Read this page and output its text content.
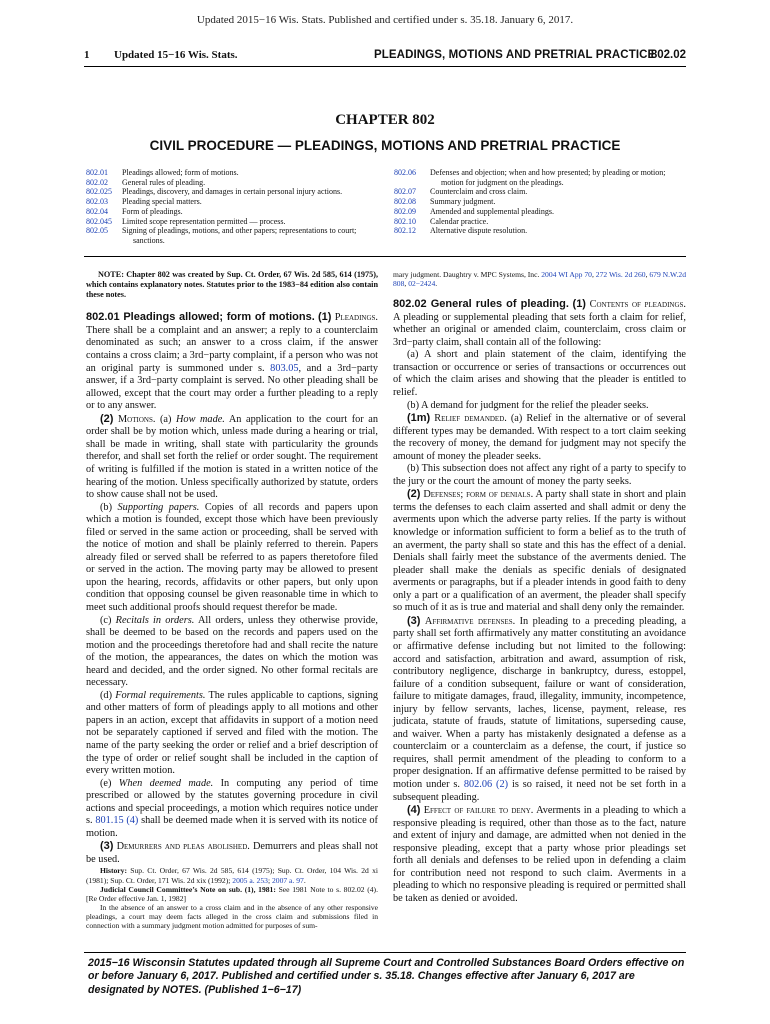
Updated 2015−16 Wis. Stats. Published and certified under s. 35.18. January 6, 2017.
1 Updated 15−16 Wis. Stats.	PLEADINGS, MOTIONS AND PRETRIAL PRACTICE
802.02
CHAPTER 802
CIVIL PROCEDURE — PLEADINGS, MOTIONS AND PRETRIAL PRACTICE
802.01	Pleadings allowed; form of motions.
802.02	General rules of pleading.
802.025	Pleadings, discovery, and damages in certain personal injury actions.
802.03	Pleading special matters.
802.04	Form of pleadings.
802.045	Limited scope representation permitted — process.
802.05	Signing of pleadings, motions, and other papers; representations to court;
sanctions.
802.06	Defenses and objection; when and how presented; by pleading or motion;
motion for judgment on the pleadings.
802.07	Counterclaim and cross claim.
802.08	Summary judgment.
802.09	Amended and supplemental pleadings.
802.10	Calendar practice.
802.12	Alternative dispute resolution.

NOTE: Chapter 802 was created by Sup. Ct. Order, 67 Wis. 2d 585, 614 (1975), which contains explanatory notes. Statutes prior to the 1983−84 edition also contain these notes.

802.01 Pleadings allowed; form of motions. (1) Pleadings. There shall be a complaint and an answer; a reply to a counterclaim denominated as such; an answer to a cross claim, if the answer contains a cross claim; a 3rd−party complaint, if a person who was not an original party is summoned under s. 803.05, and a 3rd−party answer, if a 3rd−party complaint is served. No other pleading shall be allowed, except that the court may order a further pleading to a reply or to any answer.

(2) Motions. (a) How made. An application to the court for an order shall be by motion which, unless made during a hearing or trial, shall be made in writing, shall state with particularity the grounds therefor, and shall set forth the relief or order sought. The requirement of writing is fulfilled if the motion is stated in a written notice of the hearing of the motion. Unless specifically authorized by statute, orders to show cause shall not be used.

(b) Supporting papers. Copies of all records and papers upon which a motion is founded, except those which have been previously filed or served in the same action or proceeding, shall be served with the notice of motion and shall be plainly referred to therein. Papers already filed or served shall be referred to as papers theretofore filed or served in the action. The moving party may be allowed to present upon the hearing, records, affidavits or other papers, but only upon condition that opposing counsel be given reasonable time in which to meet such additional proofs should request therefor be made.

(c) Recitals in orders. All orders, unless they otherwise provide, shall be deemed to be based on the records and papers used on the motion and the proceedings theretofore had and shall recite the nature of the motion, the appearances, the dates on which the motion was heard and decided, and the order signed. No other formal recitals are necessary.

(d) Formal requirements. The rules applicable to captions, signing and other matters of form of pleadings apply to all motions and other papers in an action, except that affidavits in support of a motion need not be separately captioned if served and filed with the motion. The name of the party seeking the order or relief and a brief description of the type of order or relief sought shall be included in the caption of every written motion.

(e) When deemed made. In computing any period of time prescribed or allowed by the statutes governing procedure in civil actions and special proceedings, a motion which requires notice under s. 801.15 (4) shall be deemed made when it is served with its notice of motion.

(3) Demurrers and pleas abolished. Demurrers and pleas shall not be used.

History: Sup. Ct. Order, 67 Wis. 2d 585, 614 (1975); Sup. Ct. Order, 104 Wis. 2d xi (1981); Sup. Ct. Order, 171 Wis. 2d xix (1992); 2005 a. 253; 2007 a. 97.

Judicial Council Committee’s Note on sub. (1), 1981: See 1981 Note to s. 802.02 (4). [Re Order effective Jan. 1, 1982]

In the absence of an answer to a cross claim and in the absence of any other responsive pleadings, a court may deem facts alleged in the cross claim and submissions filed in connection with a summary judgment motion admitted for purposes of sum-

mary judgment. Daughtry v. MPC Systems, Inc. 2004 WI App 70, 272 Wis. 2d 260, 679 N.W.2d 808, 02−2424.

802.02 General rules of pleading. (1) Contents of pleadings. A pleading or supplemental pleading that sets forth a claim for relief, whether an original or amended claim, counterclaim, cross claim or 3rd−party claim, shall contain all of the following:

(a) A short and plain statement of the claim, identifying the transaction or occurrence or series of transactions or occurrences out of which the claim arises and showing that the pleader is entitled to relief.

(b) A demand for judgment for the relief the pleader seeks.

(1m) Relief demanded. (a) Relief in the alternative or of several different types may be demanded. With respect to a tort claim seeking the recovery of money, the demand for judgment may not specify the amount of money the pleader seeks.

(b) This subsection does not affect any right of a party to specify to the jury or the court the amount of money the party seeks.

(2) Defenses; form of denials. A party shall state in short and plain terms the defenses to each claim asserted and shall admit or deny the averments upon which the adverse party relies. If the party is without knowledge or information sufficient to form a belief as to the truth of an averment, the party shall so state and this has the effect of a denial. Denials shall fairly meet the substance of the averments denied. The pleader shall make the denials as specific denials of designated averments or paragraphs, but if a pleader intends in good faith to deny only a part or a qualification of an averment, the pleader shall specify so much of it as is true and material and shall deny only the remainder.

(3) Affirmative defenses. In pleading to a preceding pleading, a party shall set forth affirmatively any matter constituting an avoidance or affirmative defense including but not limited to the following: accord and satisfaction, arbitration and award, assumption of risk, contributory negligence, discharge in bankruptcy, duress, estoppel, failure of a condition subsequent, failure or want of consideration, failure to mitigate damages, fraud, illegality, immunity, incompetence, injury by fellow servants, laches, license, payment, release, res judicata, statute of frauds, statute of limitations, superseding cause, and waiver. When a party has mistakenly designated a defense as a counterclaim or a counterclaim as a defense, the court, if justice so requires, shall permit amendment of the pleading to conform to a proper designation. If an affirmative defense permitted to be raised by motion under s. 802.06 (2) is so raised, it need not be set forth in a subsequent pleading.

(4) Effect of failure to deny. Averments in a pleading to which a responsive pleading is required, other than those as to the fact, nature and extent of injury and damage, are admitted when not denied in the responsive pleading, except that a party whose prior pleadings set forth all denials and defenses to be relied upon in defending a claim for contribution need not respond to such claim. Averments in a pleading to which no responsive pleading is required or permitted shall be taken as denied or avoided.

2015−16 Wisconsin Statutes updated through all Supreme Court and Controlled Substances Board Orders effective on or before January 6, 2017. Published and certified under s. 35.18. Changes effective after January 6, 2017 are designated by NOTES. (Published 1−6−17)
